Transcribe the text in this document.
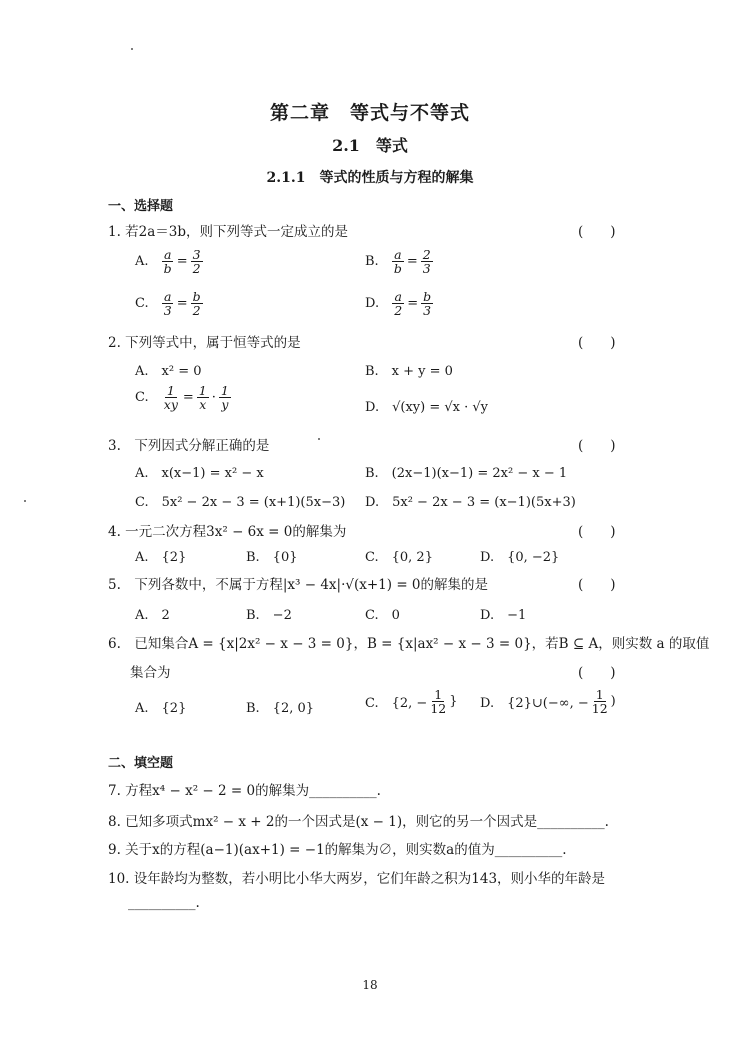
第二章　等式与不等式
2.1　等式
2.1.1　等式的性质与方程的解集
一、选择题
1. 若2a＝3b，则下列等式一定成立的是	(　　)
A. $\frac{a}{b} = \frac{3}{2}$	B. $\frac{a}{b} = \frac{2}{3}$
C. $\frac{a}{3} = \frac{b}{2}$	D. $\frac{a}{2} = \frac{b}{3}$
2. 下列等式中，属于恒等式的是	(　　)
A.　x² = 0	B.　x + y = 0
C. $\frac{1}{xy} = \frac{1}{x} \cdot \frac{1}{y}$	D.　√(xy) = √x · √y
3.　下列因式分解正确的是	(　　)
A.　x(x−1) = x² − x	B.　(2x−1)(x−1) = 2x² − x − 1
C.　5x² − 2x − 3 = (x+1)(5x−3) D.　5x² − 2x − 3 = (x−1)(5x+3)
4. 一元二次方程3x² − 6x = 0的解集为	(　　)
A.　{2}	B.　{0}	C.　{0, 2}	D.　{0, −2}
5.　下列各数中，不属于方程|x³ − 4x|·√(x+1) = 0的解集的是	(　　)
A.　2	B.　−2	C.　0	D.　−1
6.　已知集合A = {x|2x² − x − 3 = 0}，B = {x|ax² − x − 3 = 0}，若B ⊆ A，则实数 a 的取值
集合为	(　　)
A.　{2}	B.　{2, 0}	C.　{2, − $\frac{1}{12}$ } D.　{2}∪(−∞, − $\frac{1}{12}$ )
二、填空题
7. 方程x⁴ − x² − 2 = 0的解集为__________.
8. 已知多项式mx² − x + 2的一个因式是(x − 1)，则它的另一个因式是__________.
9. 关于x的方程(a−1)(ax+1) = −1的解集为∅，则实数a的值为__________.
10. 设年龄均为整数，若小明比小华大两岁，它们年龄之积为143，则小华的年龄是
__________.
18
